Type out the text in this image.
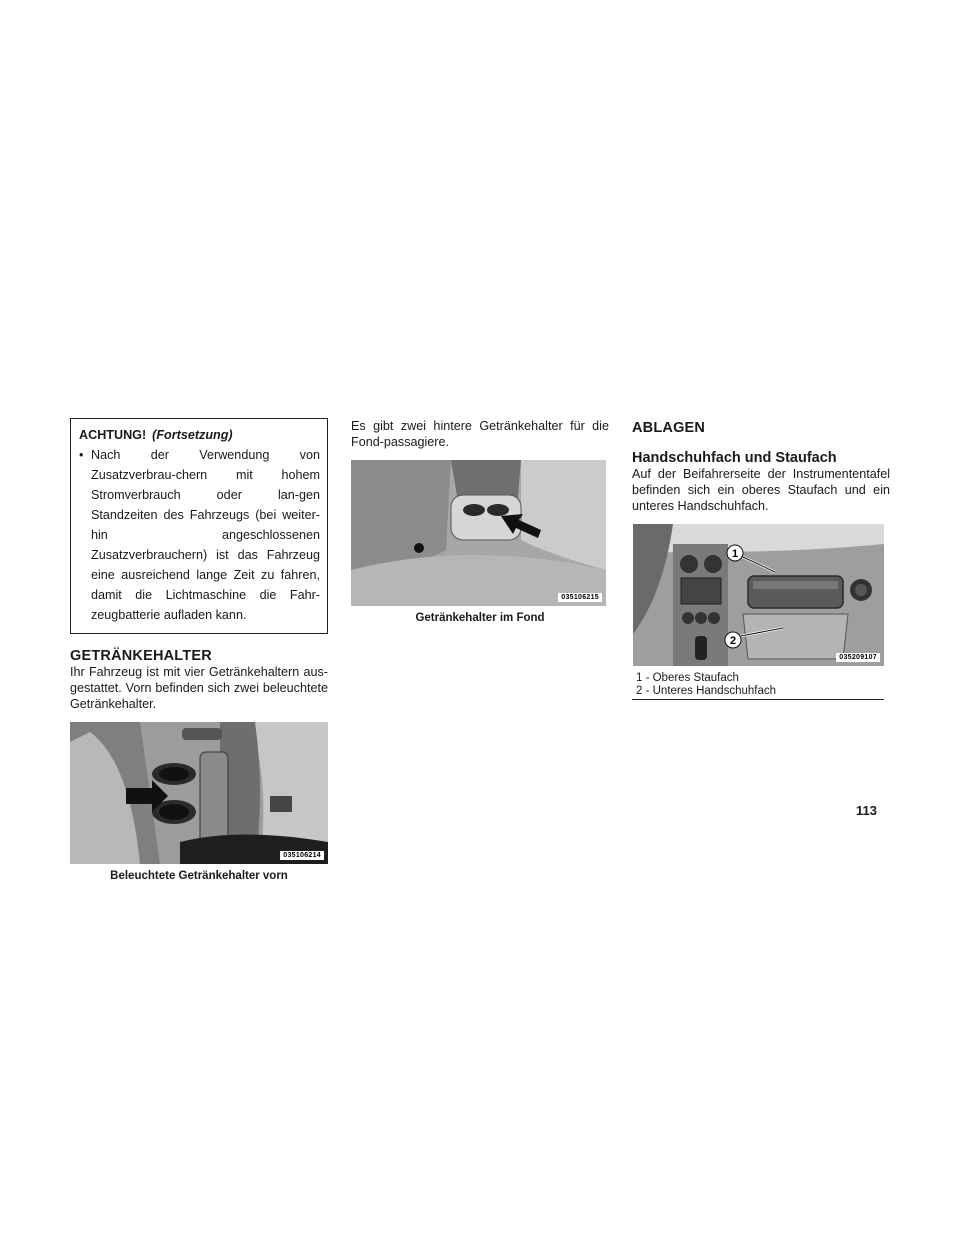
ACHTUNG! (Fortsetzung)
• Nach der Verwendung von Zusatzverbrau-chern mit hohem Stromverbrauch oder lan-gen Standzeiten des Fahrzeugs (bei weiter-hin angeschlossenen Zusatzverbrauchern) ist das Fahrzeug eine ausreichend lange Zeit zu fahren, damit die Lichtmaschine die Fahr-zeugbatterie aufladen kann.
GETRÄNKEHALTER

Ihr Fahrzeug ist mit vier Getränkehaltern aus-gestattet. Vorn befinden sich zwei beleuchtete Getränkehalter.

035106214
Beleuchtete Getränkehalter vorn

Es gibt zwei hintere Getränkehalter für die Fond-passagiere.

035106215
Getränkehalter im Fond
ABLAGEN
Handschuhfach und Staufach

Auf der Beifahrerseite der Instrumententafel befinden sich ein oberes Staufach und ein unteres Handschuhfach.

1
2
035209107
1 - Oberes Staufach
2 - Unteres Handschuhfach
113
